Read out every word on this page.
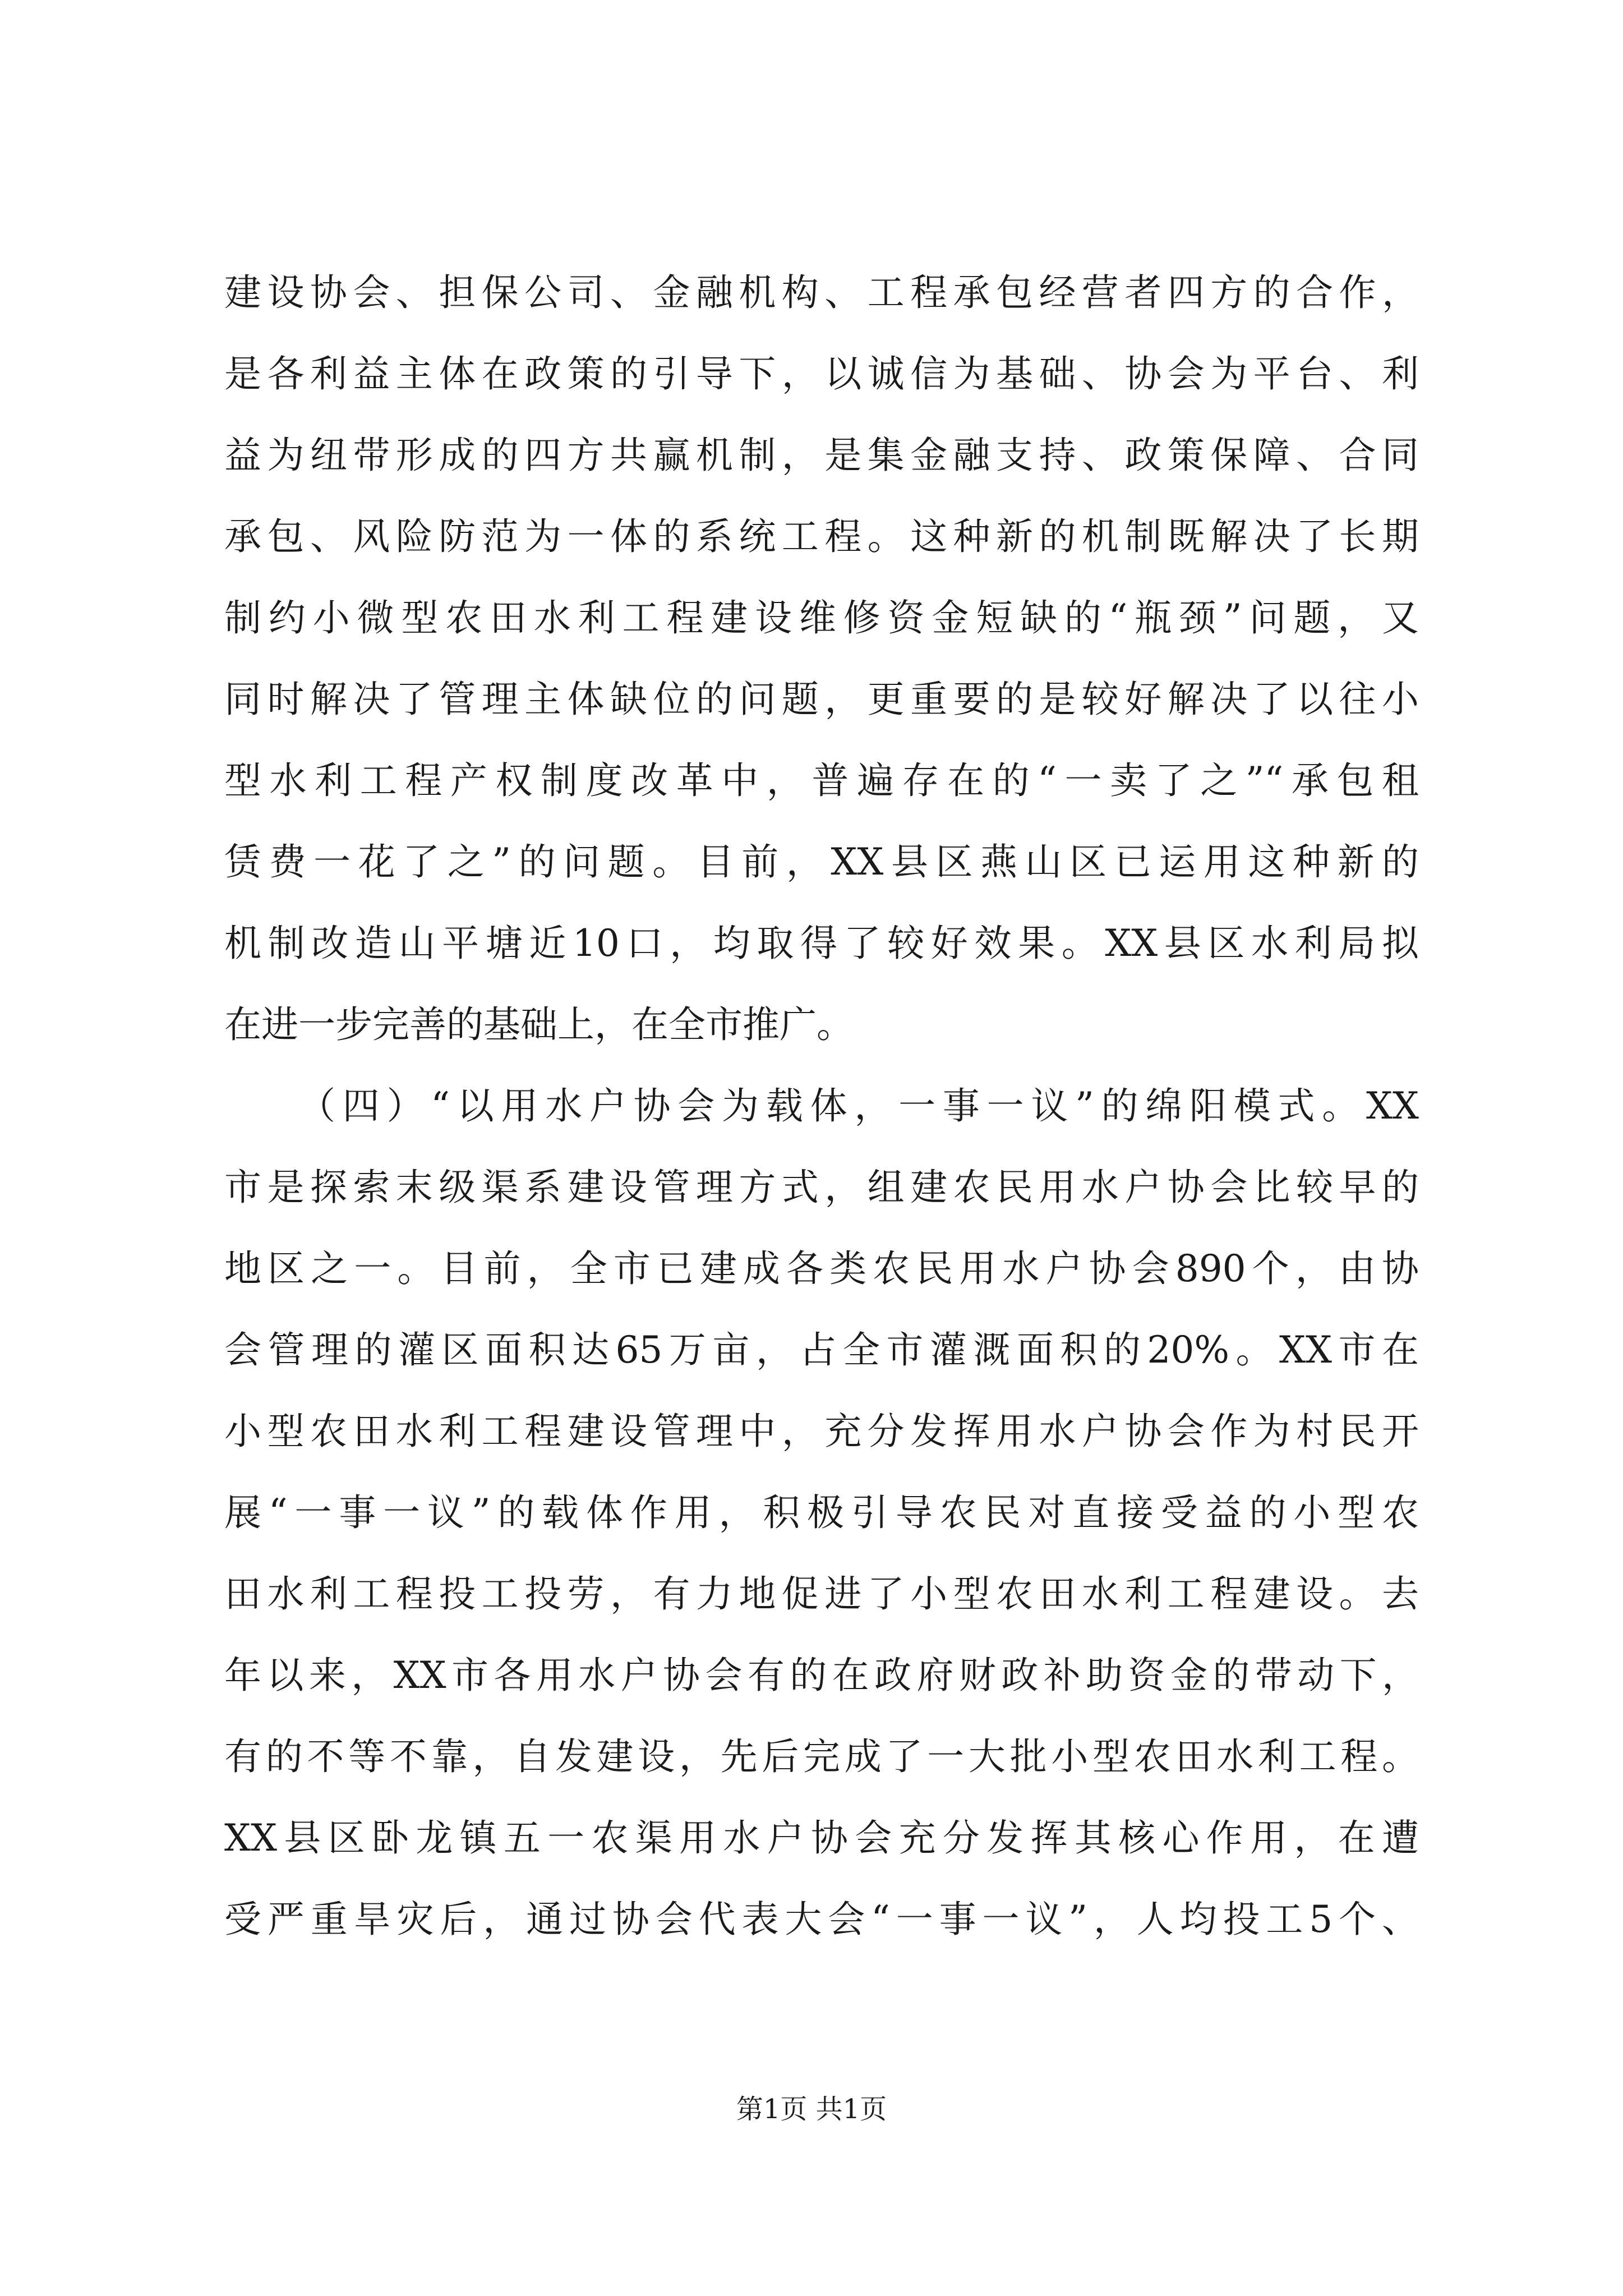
建设协会、担保公司、金融机构、工程承包经营者四方的合作，

是各利益主体在政策的引导下，以诚信为基础、协会为平台、利

益为纽带形成的四方共赢机制，是集金融支持、政策保障、合同

承包、风险防范为一体的系统工程。这种新的机制既解决了长期

制约小微型农田水利工程建设维修资金短缺的“瓶颈”问题，又

同时解决了管理主体缺位的问题，更重要的是较好解决了以往小

型水利工程产权制度改革中，普遍存在的“一卖了之”“承包租

赁费一花了之”的问题。目前，XX县区燕山区已运用这种新的

机制改造山平塘近10口，均取得了较好效果。XX县区水利局拟

在进一步完善的基础上，在全市推广。

（四）“以用水户协会为载体，一事一议”的绵阳模式。XX

市是探索末级渠系建设管理方式，组建农民用水户协会比较早的

地区之一。目前，全市已建成各类农民用水户协会890个，由协

会管理的灌区面积达65万亩，占全市灌溉面积的20%。XX市在

小型农田水利工程建设管理中，充分发挥用水户协会作为村民开

展“一事一议”的载体作用，积极引导农民对直接受益的小型农

田水利工程投工投劳，有力地促进了小型农田水利工程建设。去

年以来，XX市各用水户协会有的在政府财政补助资金的带动下，

有的不等不靠，自发建设，先后完成了一大批小型农田水利工程。

XX县区卧龙镇五一农渠用水户协会充分发挥其核心作用，在遭

受严重旱灾后，通过协会代表大会“一事一议”，人均投工5个、

第1页 共1页
